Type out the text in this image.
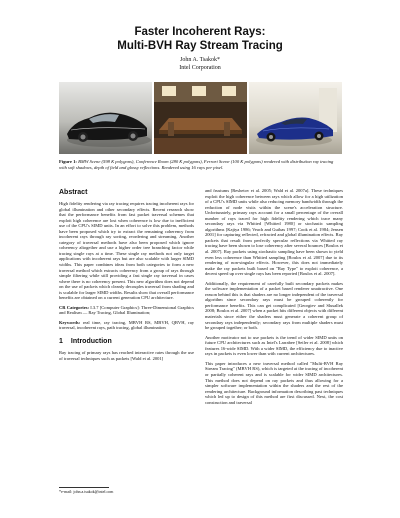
Faster Incoherent Rays:
Multi-BVH Ray Stream Tracing
John A. Tsakok*
Intel Corporation
Figure 1: BMW Scene (598 K polygons), Conference Room (280 K polygons), Ferrari Scene (100 K polygons) rendered with distribution ray tracing with soft shadows, depth of field and glossy reflections. Rendered using 16 rays per pixel.
Abstract

High fidelity rendering via ray tracing requires tracing incoherent rays for global illumination and other secondary effects. Recent research show that the performance benefits from fast packet traversal schemes that exploit high coherence are lost when coherence is low due to inefficient use of the CPU's SIMD units. In an effort to solve this problem, methods have been proposed which try to extract the remaining coherency from incoherent rays through ray sorting, reordering and streaming. Another category of traversal methods have also been proposed which ignore coherency altogether and use a higher order tree branching factor while tracing single rays at a time. These single ray methods not only target applications with incoherent rays but are also scalable with larger SIMD widths. This paper combines ideas from both categories to form a new traversal method which extracts coherency from a group of rays through simple filtering while still providing a fast single ray traversal in cases where there is no coherency present. This new algorithm does not depend on the use of packets which cleanly decouples traversal from shading and is scalable for larger SIMD widths. Results show that overall performance benefits are obtained on a current generation CPU architecture.

CR Categories: I.3.7 [Computer Graphics]: Three-Dimensional Graphics and Realism — Ray Tracing, Global Illumination;

Keywords: real time, ray tracing, MBVH RS, MBVH, QBVH, ray traversal, incoherent rays, path tracing, global illumination

1 Introduction

Ray tracing of primary rays has reached interactive rates through the use of traversal techniques such as packets [Wald et al. 2001]

*e-mail: john.a.tsakok@intel.com

and frustums [Reshetov et al. 2005; Wald et al. 2007a]. These techniques exploit the high coherence between rays which allow for a high utilization of a CPU's SIMD units while also reducing memory bandwidth through the reduction of node visits within the scene's acceleration structure. Unfortunately, primary rays account for a small percentage of the overall number of rays traced for high fidelity rendering which trace many secondary rays via Whitted [Whitted 1980] or stochastic sampling algorithms [Kajiya 1986; Veach and Guibas 1997; Cook et al. 1984; Jensen 2001] for capturing reflected, refracted and global illumination effects. Ray packets that result from perfectly specular reflections via Whitted ray tracing have been shown to lose coherency after several bounces [Boulos et al. 2007]. Ray packets using stochastic sampling have been shown to yield even less coherence than Whitted sampling [Boulos et al. 2007] due to its rendering of non-singular effects. However, this does not immediately make the ray packets built based on "Ray Type" to exploit coherence, a decent speed up over single rays has been reported [Boulos et al. 2007].

Additionally, the requirement of carefully built secondary packets makes the software implementation of a packet based renderer unattractive. One reason behind this is that shaders are no longer independent of the traversal algorithm since secondary rays must be grouped coherently for performance benefits. This can get complicated [Georgiev and Slusallek 2008; Boulos et al. 2007] when a packet hits different objects with different materials since either the shaders must generate a coherent group of secondary rays independently; secondary rays from multiple shaders must be grouped together; or both.

Another motivator not to use packets is the trend of wider SIMD units on future CPU architectures such as Intel's Larrabee [Seiler et al. 2008] which features 16-wide SIMD. With a wider SIMD, the efficiency due to inactive rays in packets is even lower than with current architectures.

This paper introduces a new traversal method called "Multi-BVH Ray Stream Tracing" (MBVH RS), which is targeted at the tracing of incoherent or partially coherent rays and is scalable for wider SIMD architectures. This method does not depend on ray packets and thus allowing for a simpler software implementation within the shaders and the rest of the rendering architecture. Background information describing past techniques which led up to design of this method are first discussed. Next, the cost construction and traversal
